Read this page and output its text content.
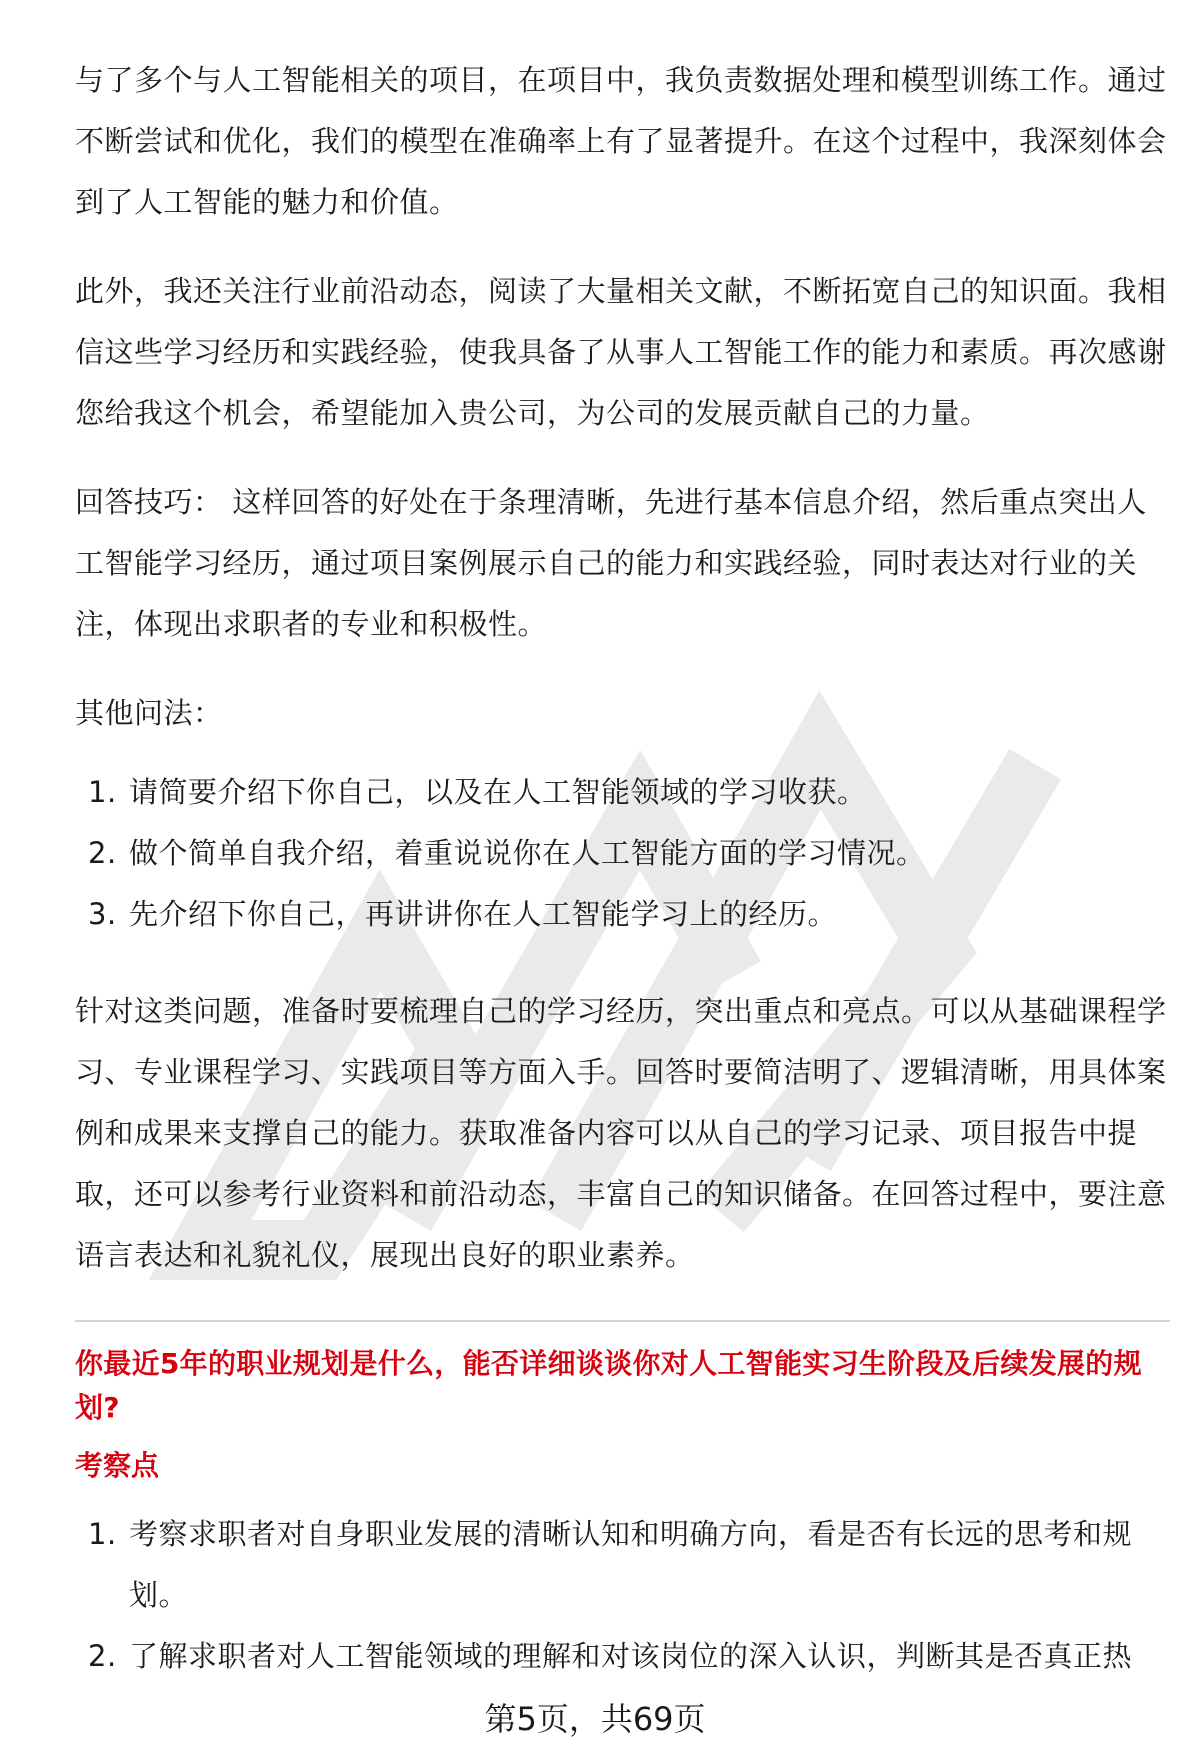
与了多个与人工智能相关的项目，在项目中，我负责数据处理和模型训练工作。通过不断尝试和优化，我们的模型在准确率上有了显著提升。在这个过程中，我深刻体会到了人工智能的魅力和价值。

此外，我还关注行业前沿动态，阅读了大量相关文献，不断拓宽自己的知识面。我相信这些学习经历和实践经验，使我具备了从事人工智能工作的能力和素质。再次感谢您给我这个机会，希望能加入贵公司，为公司的发展贡献自己的力量。

回答技巧： 这样回答的好处在于条理清晰，先进行基本信息介绍，然后重点突出人工智能学习经历，通过项目案例展示自己的能力和实践经验，同时表达对行业的关注，体现出求职者的专业和积极性。

其他问法：

1. 请简要介绍下你自己，以及在人工智能领域的学习收获。
2. 做个简单自我介绍，着重说说你在人工智能方面的学习情况。
3. 先介绍下你自己，再讲讲你在人工智能学习上的经历。

针对这类问题，准备时要梳理自己的学习经历，突出重点和亮点。可以从基础课程学习、专业课程学习、实践项目等方面入手。回答时要简洁明了、逻辑清晰，用具体案例和成果来支撑自己的能力。获取准备内容可以从自己的学习记录、项目报告中提取，还可以参考行业资料和前沿动态，丰富自己的知识储备。在回答过程中，要注意语言表达和礼貌礼仪，展现出良好的职业素养。

你最近5年的职业规划是什么，能否详细谈谈你对人工智能实习生阶段及后续发展的规划?

考察点

1. 考察求职者对自身职业发展的清晰认知和明确方向，看是否有长远的思考和规划。
2. 了解求职者对人工智能领域的理解和对该岗位的深入认识，判断其是否真正热
第5页，共69页
